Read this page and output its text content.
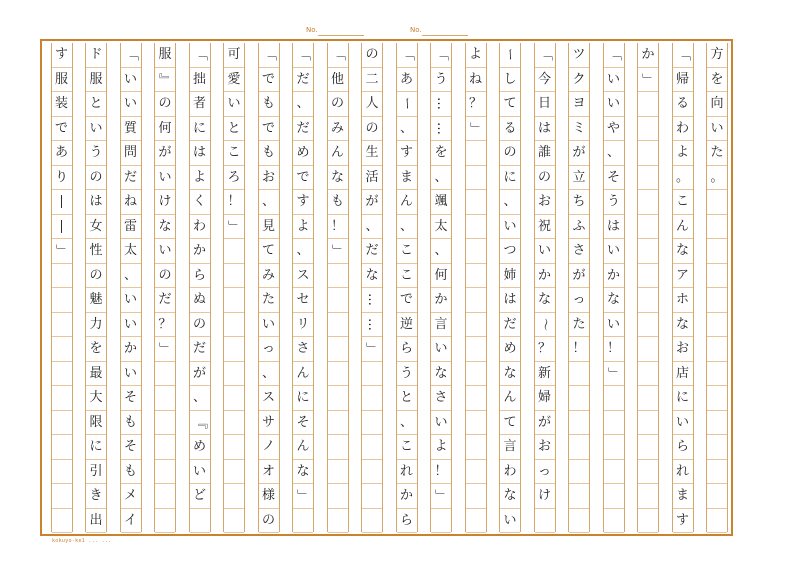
No.	No.
方
を
向
い
た
。
「
帰
る
わ
よ
。
こ
ん
な
ア
ホ
な
お
店
に
い
ら
れ
ま
す
か
」
「
い
い
や
、
そ
う
は
い
か
な
い
！
」
ツ
ク
ヨ
ミ
が
立
ち
ふ
さ
が
っ
た
！
「
今
日
は
誰
の
お
祝
い
か
な
～
？
新
婦
が
お
っ
け
ー
し
て
る
の
に
、
い
つ
姉
は
だ
め
な
ん
て
言
わ
な
い
よ
ね
？
」
「
う
…
…
を
、
颯
太
、
何
か
言
い
な
さ
い
よ
！
」
「
あ
ー
、
す
ま
ん
、
こ
こ
で
逆
ら
う
と
、
こ
れ
か
ら
の
二
人
の
生
活
が
、
だ
な
…
…
」
「
他
の
み
ん
な
も
！
」
「
だ
、
だ
め
で
す
よ
、
ス
セ
リ
さ
ん
に
そ
ん
な
」
「
で
も
で
も
お
、
見
て
み
た
い
っ
、
ス
サ
ノ
オ
様
の
可
愛
い
と
こ
ろ
！
」
「
拙
者
に
は
よ
く
わ
か
ら
ぬ
の
だ
が
、
『
め
い
ど
服
』
の
何
が
い
け
な
い
の
だ
？
」
「
い
い
質
問
だ
ね
雷
太
、
い
い
か
い
そ
も
そ
も
メ
イ
ド
服
と
い
う
の
は
女
性
の
魅
力
を
最
大
限
に
引
き
出
す
服
装
で
あ
り
―
―
」
kokuyo-ke1 ... ...
